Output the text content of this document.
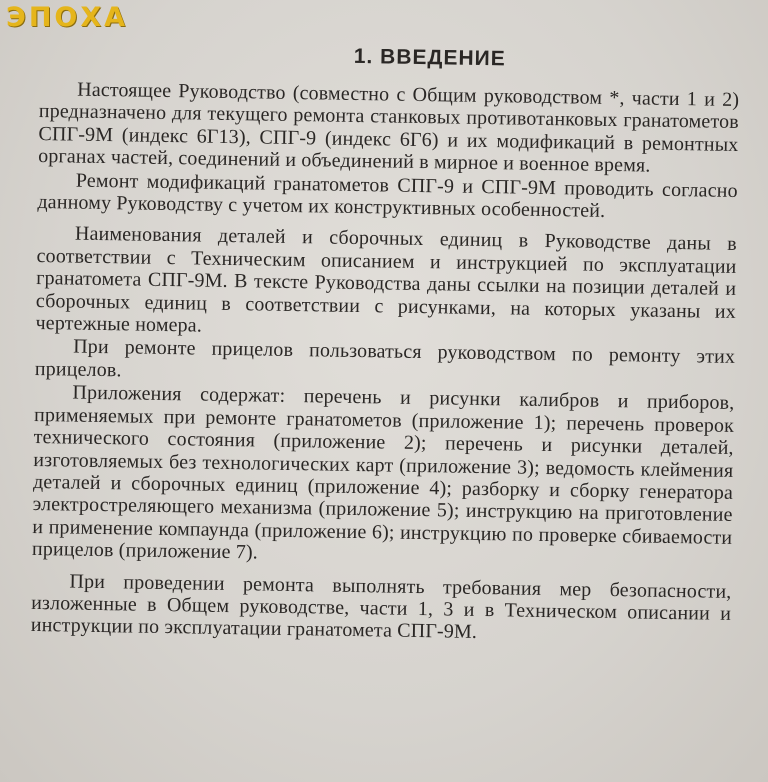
ЭПОХА
1. ВВЕДЕНИЕ

Настоящее Руководство (совместно с Общим руководством *, части 1 и 2) предназначено для текущего ремонта станковых противотанковых гранатометов СПГ-9М (индекс 6Г13), СПГ-9 (индекс 6Г6) и их модификаций в ремонтных органах частей, соединений и объединений в мирное и военное время.

Ремонт модификаций гранатометов СПГ-9 и СПГ-9М проводить согласно данному Руководству с учетом их конструктивных особенностей.

Наименования деталей и сборочных единиц в Руководстве даны в соответствии с Техническим описанием и инструкцией по эксплуатации гранатомета СПГ-9М. В тексте Руководства даны ссылки на позиции деталей и сборочных единиц в соответствии с рисунками, на которых указаны их чертежные номера.

При ремонте прицелов пользоваться руководством по ремонту этих прицелов.

Приложения содержат: перечень и рисунки калибров и приборов, применяемых при ремонте гранатометов (приложение 1); перечень проверок технического состояния (приложение 2); перечень и рисунки деталей, изготовляемых без технологических карт (приложение 3); ведомость клеймения деталей и сборочных единиц (приложение 4); разборку и сборку генератора электростреляющего механизма (приложение 5); инструкцию на приготовление и применение компаунда (приложение 6); инструкцию по проверке сбиваемости прицелов (приложение 7).

При проведении ремонта выполнять требования мер безопасности, изложенные в Общем руководстве, части 1, 3 и в Техническом описании и инструкции по эксплуатации гранатомета СПГ-9М.
